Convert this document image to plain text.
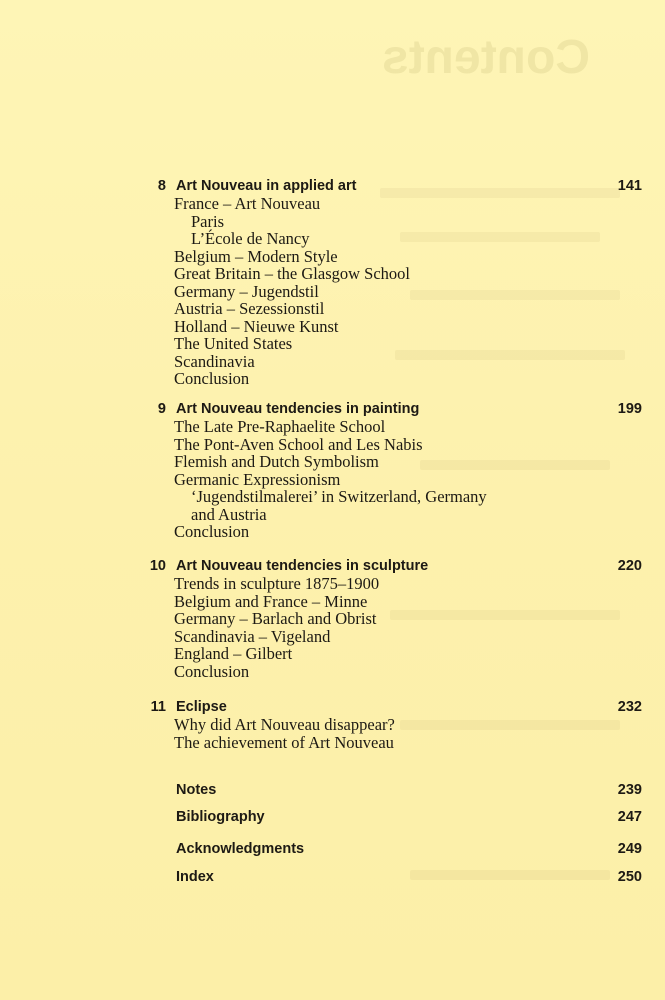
Contents
8 Art Nouveau in applied art	141
France – Art Nouveau
Paris
L’École de Nancy
Belgium – Modern Style
Great Britain – the Glasgow School
Germany – Jugendstil
Austria – Sezessionstil
Holland – Nieuwe Kunst
The United States
Scandinavia
Conclusion
9 Art Nouveau tendencies in painting	199
The Late Pre-Raphaelite School
The Pont-Aven School and Les Nabis
Flemish and Dutch Symbolism
Germanic Expressionism
‘Jugendstilmalerei’ in Switzerland, Germany
and Austria
Conclusion
10 Art Nouveau tendencies in sculpture	220
Trends in sculpture 1875–1900
Belgium and France – Minne
Germany – Barlach and Obrist
Scandinavia – Vigeland
England – Gilbert
Conclusion
11 Eclipse	232
Why did Art Nouveau disappear?
The achievement of Art Nouveau
Notes	239
Bibliography	247
Acknowledgments	249
Index	250
